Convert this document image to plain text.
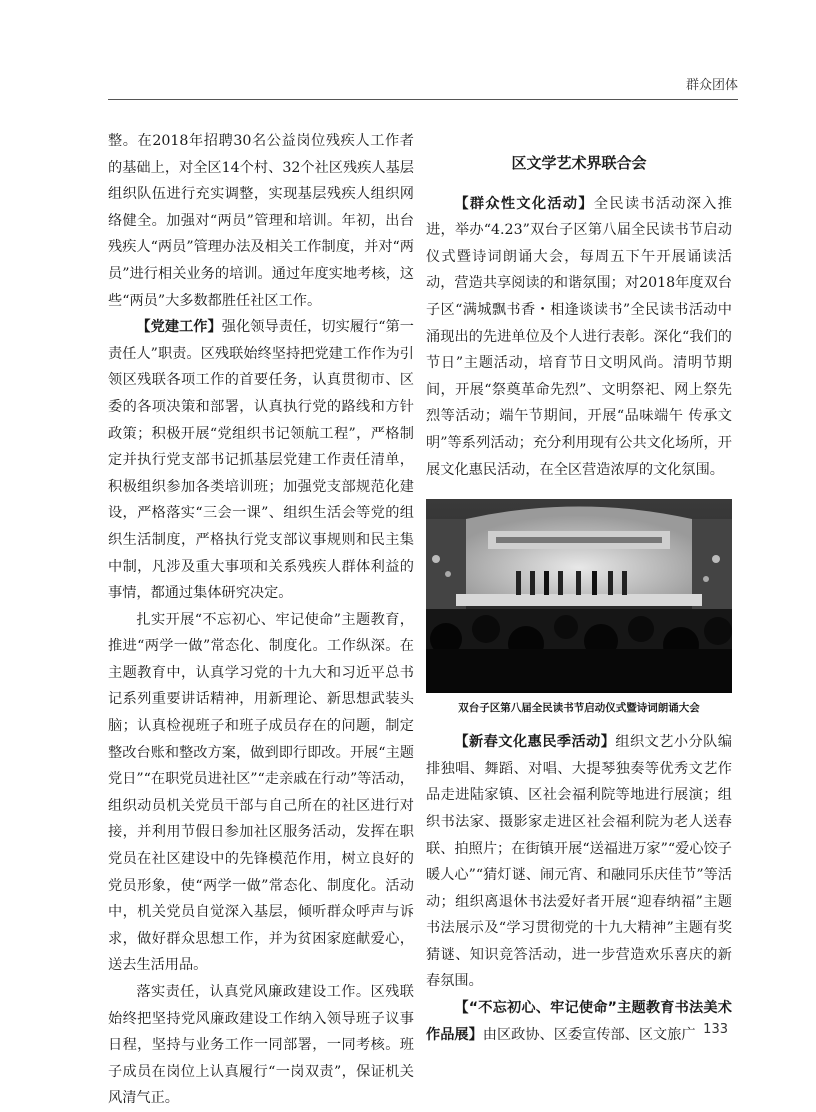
群众团体

整。在2018年招聘30名公益岗位残疾人工作者的基础上，对全区14个村、32个社区残疾人基层组织队伍进行充实调整，实现基层残疾人组织网络健全。加强对“两员”管理和培训。年初，出台残疾人“两员”管理办法及相关工作制度，并对“两员”进行相关业务的培训。通过年度实地考核，这些“两员”大多数都胜任社区工作。

【党建工作】强化领导责任，切实履行“第一责任人”职责。区残联始终坚持把党建工作作为引领区残联各项工作的首要任务，认真贯彻市、区委的各项决策和部署，认真执行党的路线和方针政策；积极开展“党组织书记领航工程”，严格制定并执行党支部书记抓基层党建工作责任清单，积极组织参加各类培训班；加强党支部规范化建设，严格落实“三会一课”、组织生活会等党的组织生活制度，严格执行党支部议事规则和民主集中制，凡涉及重大事项和关系残疾人群体利益的事情，都通过集体研究决定。

扎实开展“不忘初心、牢记使命”主题教育，推进“两学一做”常态化、制度化。工作纵深。在主题教育中，认真学习党的十九大和习近平总书记系列重要讲话精神，用新理论、新思想武装头脑；认真检视班子和班子成员存在的问题，制定整改台账和整改方案，做到即行即改。开展“主题党日”“在职党员进社区”“走亲戚在行动”等活动，组织动员机关党员干部与自己所在的社区进行对接，并利用节假日参加社区服务活动，发挥在职党员在社区建设中的先锋模范作用，树立良好的党员形象，使“两学一做”常态化、制度化。活动中，机关党员自觉深入基层，倾听群众呼声与诉求，做好群众思想工作，并为贫困家庭献爱心，送去生活用品。

落实责任，认真党风廉政建设工作。区残联始终把坚持党风廉政建设工作纳入领导班子议事日程，坚持与业务工作一同部署，一同考核。班子成员在岗位上认真履行“一岗双责”，保证机关风清气正。

区文学艺术界联合会

【群众性文化活动】全民读书活动深入推进，举办“4.23”双台子区第八届全民读书节启动仪式暨诗词朗诵大会，每周五下午开展诵读活动，营造共享阅读的和谐氛围；对2018年度双台子区“满城飘书香・相逢谈读书”全民读书活动中涌现出的先进单位及个人进行表彰。深化“我们的节日”主题活动，培育节日文明风尚。清明节期间，开展“祭奠革命先烈”、文明祭祀、网上祭先烈等活动；端午节期间，开展“品味端午 传承文明”等系列活动；充分利用现有公共文化场所，开展文化惠民活动，在全区营造浓厚的文化氛围。

双台子区第八届全民读书节启动仪式暨诗词朗诵大会

【新春文化惠民季活动】组织文艺小分队编排独唱、舞蹈、对唱、大提琴独奏等优秀文艺作品走进陆家镇、区社会福利院等地进行展演；组织书法家、摄影家走进区社会福利院为老人送春联、拍照片；在街镇开展“送福进万家”“爱心饺子暖人心”“猜灯谜、闹元宵、和融同乐庆佳节”等活动；组织离退休书法爱好者开展“迎春纳福”主题书法展示及“学习贯彻党的十九大精神”主题有奖猜谜、知识竞答活动，进一步营造欢乐喜庆的新春氛围。

【“不忘初心、牢记使命”主题教育书法美术作品展】由区政协、区委宣传部、区文旅广 133
